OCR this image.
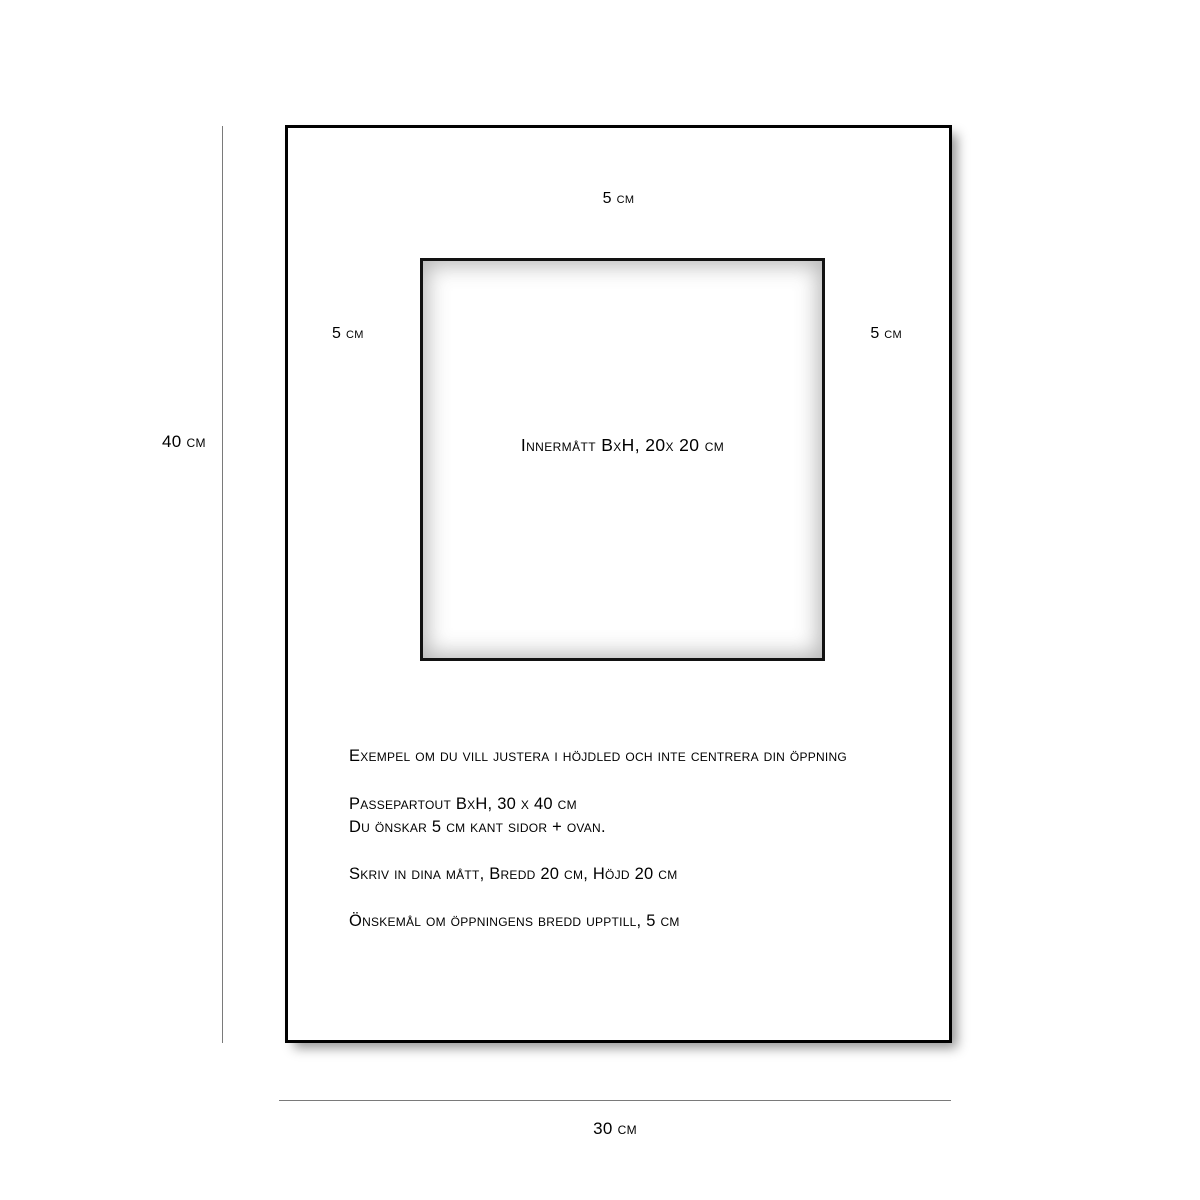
40 cm
30 cm
5 cm
5 cm	5 cm
Innermått BxH, 20x 20 cm
Exempel om du vill justera i höjdled och inte centrera din öppning
Passepartout BxH, 30 x 40 cm
Du önskar 5 cm kant sidor + ovan.
Skriv in dina mått, Bredd 20 cm, Höjd 20 cm
Önskemål om öppningens bredd upptill, 5 cm
